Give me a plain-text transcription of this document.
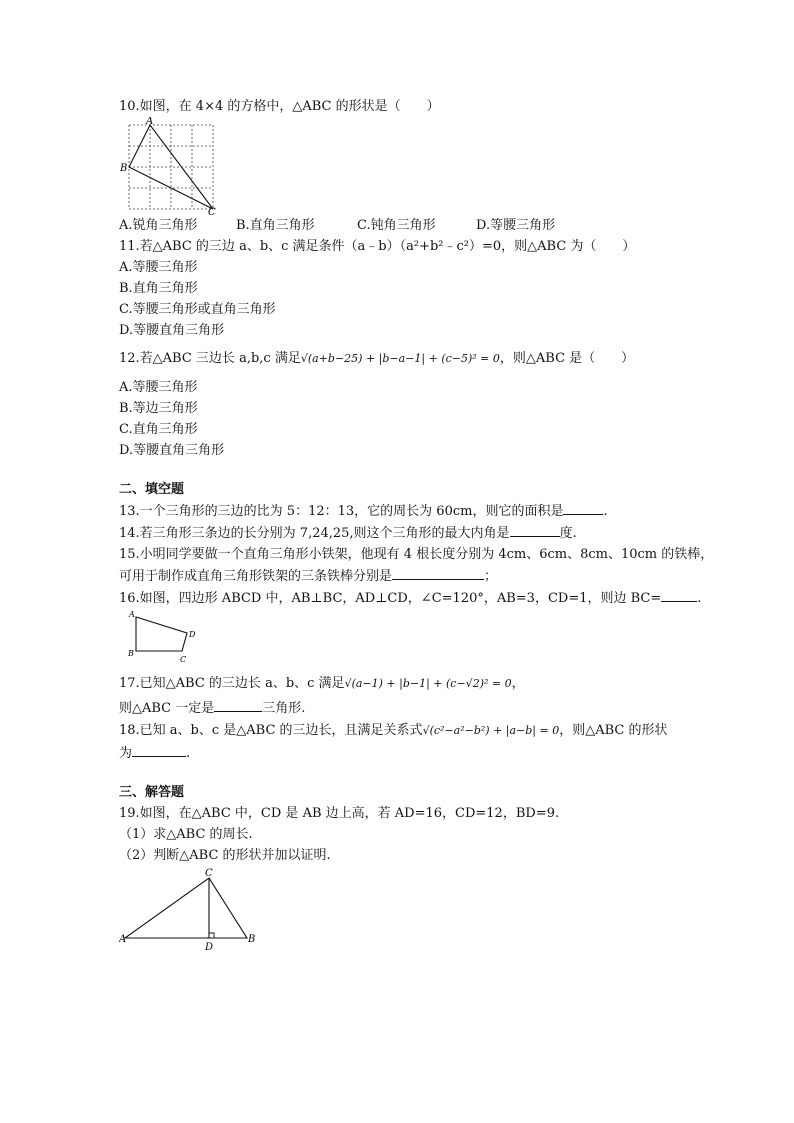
10.如图，在 4×4 的方格中，△ABC 的形状是（　　）
A
B
C
A.锐角三角形	B.直角三角形	C.钝角三角形	D.等腰三角形
11.若△ABC 的三边 a、b、c 满足条件（a﹣b）（a²+b²﹣c²）=0，则△ABC 为（　　）
A.等腰三角形
B.直角三角形
C.等腰三角形或直角三角形
D.等腰直角三角形
12.若△ABC 三边长 a,b,c 满足√(a+b−25) + |b−a−1| + (c−5)² = 0，则△ABC 是（　　）
A.等腰三角形
B.等边三角形
C.直角三角形
D.等腰直角三角形
二、填空题
13.一个三角形的三边的比为 5：12：13，它的周长为 60cm，则它的面积是	.
14.若三角形三条边的长分别为 7,24,25,则这个三角形的最大内角是	度.
15.小明同学要做一个直角三角形小铁架，他现有 4 根长度分别为 4cm、6cm、8cm、10cm 的铁棒，
可用于制作成直角三角形铁架的三条铁棒分别是	；
16.如图，四边形 ABCD 中，AB⊥BC，AD⊥CD，∠C=120°，AB=3，CD=1，则边 BC=	.
A
B
C
D
17.已知△ABC 的三边长 a、b、c 满足√(a−1) + |b−1| + (c−√2)² = 0，
则△ABC 一定是	三角形.
18.已知 a、b、c 是△ABC 的三边长，且满足关系式√(c²−a²−b²) + |a−b| = 0，则△ABC 的形状
为	.
三、解答题
19.如图，在△ABC 中，CD 是 AB 边上高，若 AD=16，CD=12，BD=9.
（1）求△ABC 的周长.
（2）判断△ABC 的形状并加以证明.
C
A
D
B
